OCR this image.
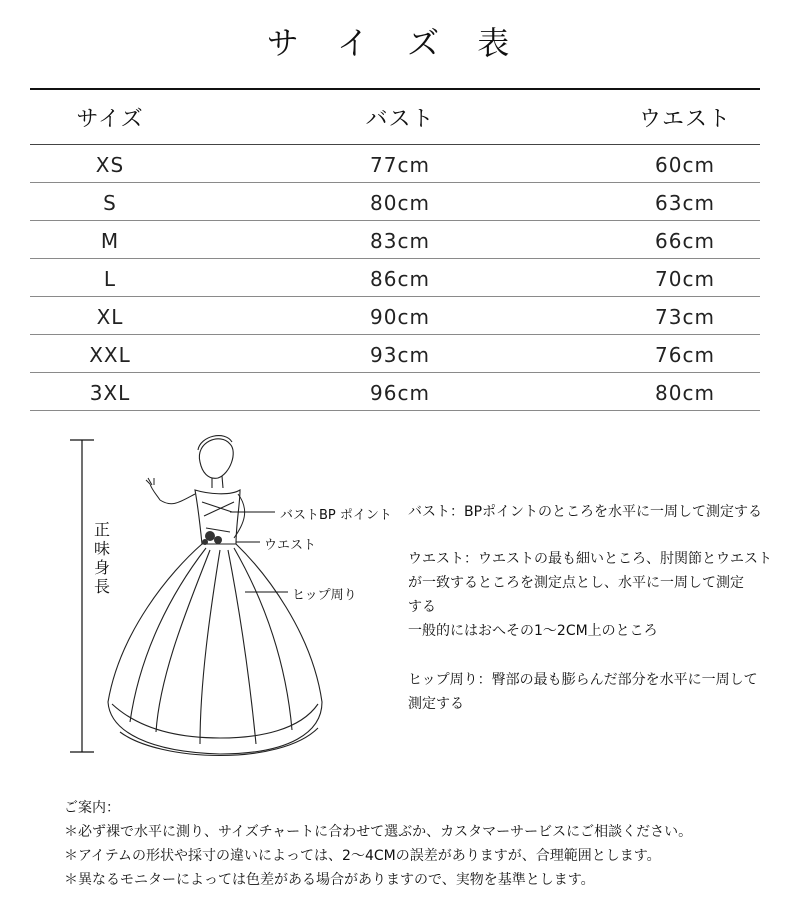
サ イ ズ 表
サイズ	バスト	ウエスト
XS	77cm	60cm
S	80cm	63cm
M	83cm	66cm
L	86cm	70cm
XL	90cm	73cm
XXL	93cm	76cm
3XL	96cm	80cm
正味身長
バストBP ポイント
ウエスト
ヒップ周り
バスト：BPポイントのところを水平に一周して測定する
ウエスト：ウエストの最も細いところ、肘関節とウエスト
が一致するところを測定点とし、水平に一周して測定
する
一般的にはおへその1～2CM上のところ
ヒップ周り：臀部の最も膨らんだ部分を水平に一周して
測定する
ご案内：
＊必ず裸で水平に測り、サイズチャートに合わせて選ぶか、カスタマーサービスにご相談ください。
＊アイテムの形状や採寸の違いによっては、2～4CMの誤差がありますが、合理範囲とします。
＊異なるモニターによっては色差がある場合がありますので、実物を基準とします。
